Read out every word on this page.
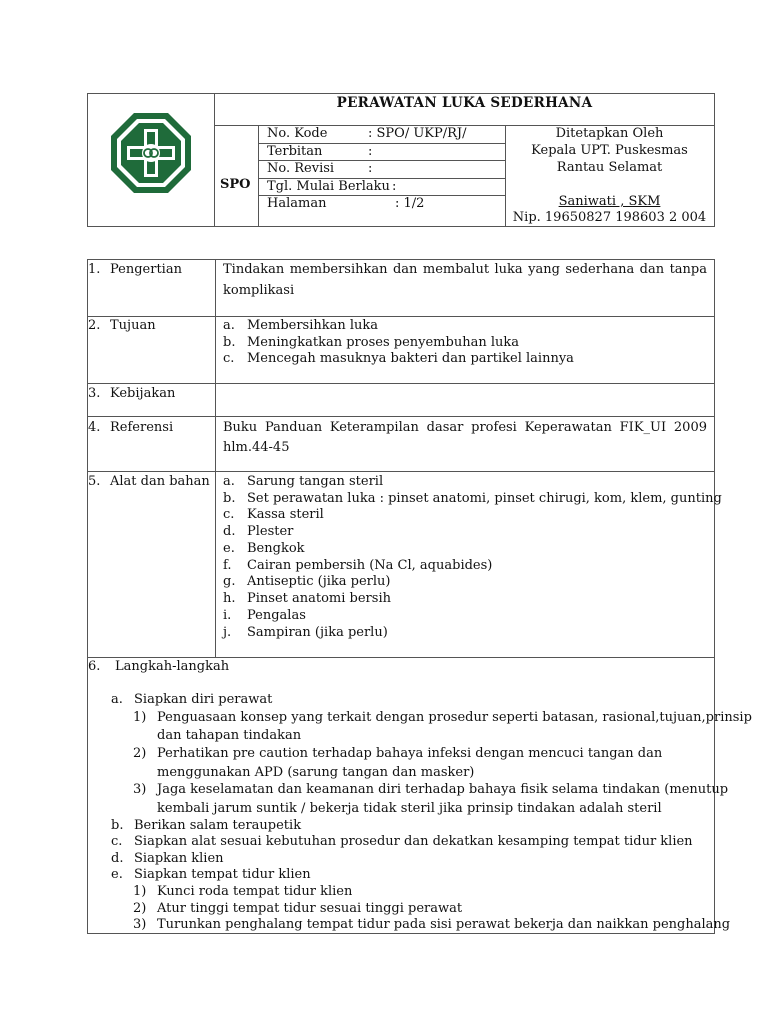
PERAWATAN LUKA SEDERHANA
SPO
No. Kode	: SPO/ UKP/RJ/
Terbitan	:
No. Revisi	:
Tgl. Mulai Berlaku :
Halaman	: 1/2
Ditetapkan Oleh
Kepala UPT. Puskesmas
Rantau Selamat
Saniwati , SKM
Nip. 19650827 198603 2 004
1. Pengertian	Tindakan membersihkan dan membalut luka yang sederhana dan tanpa
komplikasi
2. Tujuan	a. Membersihkan luka
b. Meningkatkan proses penyembuhan luka
c. Mencegah masuknya bakteri dan partikel lainnya
3. Kebijakan
4. Referensi	Buku Panduan Keterampilan dasar profesi Keperawatan FIK_UI 2009
hlm.44-45
5. Alat dan bahan a. Sarung tangan steril
b. Set perawatan luka : pinset anatomi, pinset chirugi, kom, klem, gunting
c. Kassa steril
d. Plester
e. Bengkok
f. Cairan pembersih (Na Cl, aquabides)
g. Antiseptic (jika perlu)
h. Pinset anatomi bersih
i. Pengalas
j. Sampiran (jika perlu)
6. Langkah-langkah
a. Siapkan diri perawat
1) Penguasaan konsep yang terkait dengan prosedur seperti batasan, rasional,tujuan,prinsip
dan tahapan tindakan
2) Perhatikan pre caution terhadap bahaya infeksi dengan mencuci tangan dan
menggunakan APD (sarung tangan dan masker)
3) Jaga keselamatan dan keamanan diri terhadap bahaya fisik selama tindakan (menutup
kembali jarum suntik / bekerja tidak steril jika prinsip tindakan adalah steril
b. Berikan salam teraupetik
c. Siapkan alat sesuai kebutuhan prosedur dan dekatkan kesamping tempat tidur klien
d. Siapkan klien
e. Siapkan tempat tidur klien
1) Kunci roda tempat tidur klien
2) Atur tinggi tempat tidur sesuai tinggi perawat
3) Turunkan penghalang tempat tidur pada sisi perawat bekerja dan naikkan penghalang
